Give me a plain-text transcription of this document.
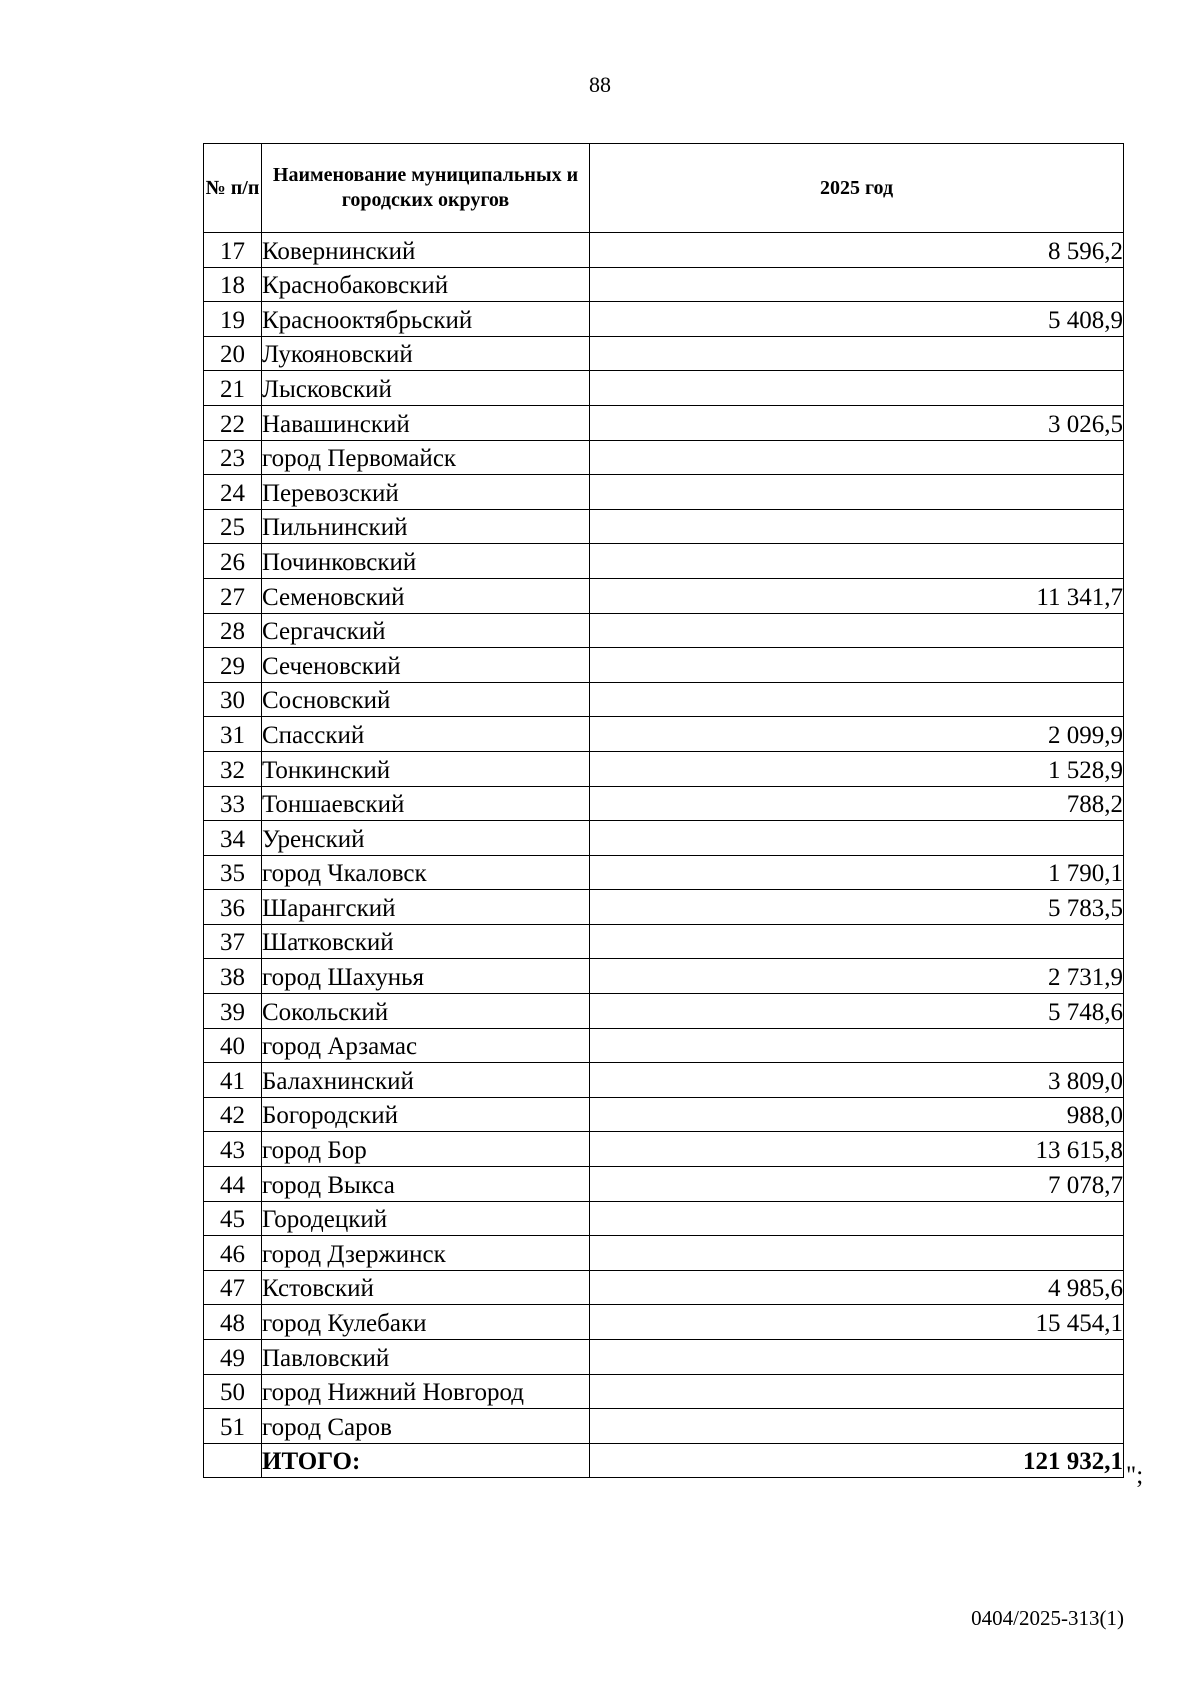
88
№ п/п	Наименование муниципальных и городских округов	2025 год
17	Ковернинский	8 596,2
18	Краснобаковский	
19	Краснооктябрьский	5 408,9
20	Лукояновский	
21	Лысковский	
22	Навашинский	3 026,5
23	город Первомайск	
24	Перевозский	
25	Пильнинский	
26	Починковский	
27	Семеновский	11 341,7
28	Сергачский	
29	Сеченовский	
30	Сосновский	
31	Спасский	2 099,9
32	Тонкинский	1 528,9
33	Тоншаевский	788,2
34	Уренский	
35	город Чкаловск	1 790,1
36	Шарангский	5 783,5
37	Шатковский	
38	город Шахунья	2 731,9
39	Сокольский	5 748,6
40	город Арзамас	
41	Балахнинский	3 809,0
42	Богородский	988,0
43	город Бор	13 615,8
44	город Выкса	7 078,7
45	Городецкий	
46	город Дзержинск	
47	Кстовский	4 985,6
48	город Кулебаки	15 454,1
49	Павловский	
50	город Нижний Новгород	
51	город Саров	
	ИТОГО:	121 932,1
";
0404/2025-313(1)
